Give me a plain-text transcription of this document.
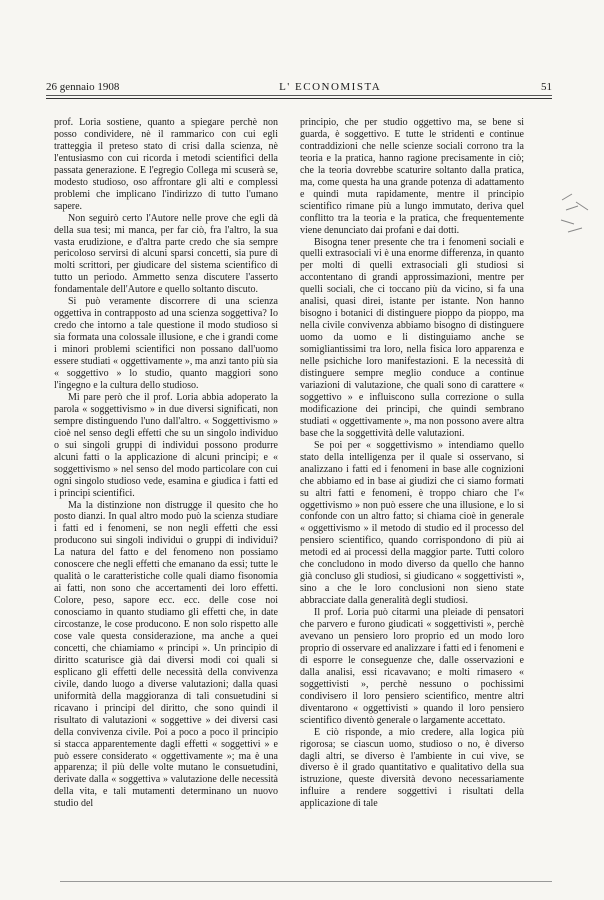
26 gennaio 1908	L' ECONOMISTA	51

prof. Loria sostiene, quanto a spiegare perchè non posso condividere, nè il rammarico con cui egli tratteggia il preteso stato di crisi dalla scienza, nè l'entusiasmo con cui ricorda i metodi scientifici della passata generazione. E l'egregio Collega mi scuserà se, modesto studioso, oso affrontare gli alti e complessi problemi che implicano l'indirizzo di tutto l'umano sapere.

Non seguirò certo l'Autore nelle prove che egli dà della sua tesi; mi manca, per far ciò, fra l'altro, la sua vasta erudizione, e d'altra parte credo che sia sempre pericoloso servirsi di alcuni sparsi concetti, sia pure di molti scrittori, per giudicare del sistema scientifico di tutto un periodo. Ammetto senza discutere l'asserto fondamentale dell'Autore e quello soltanto discuto.

Si può veramente discorrere di una scienza oggettiva in contrapposto ad una scienza soggettiva? Io credo che intorno a tale questione il modo studioso si sia formata una colossale illusione, e che i grandi come i minori problemi scientifici non possano dall'uomo essere studiati « oggettivamente », ma anzi tanto più sia « soggettivo » lo studio, quanto maggiori sono l'ingegno e la cultura dello studioso.

Mi pare però che il prof. Loria abbia adoperato la parola « soggettivismo » in due diversi significati, non sempre distinguendo l'uno dall'altro. « Soggettivismo » cioè nel senso degli effetti che su un singolo individuo o sui singoli gruppi di individui possono produrre alcuni fatti o la applicazione di alcuni principi; e « soggettivismo » nel senso del modo particolare con cui ogni singolo studioso vede, esamina e giudica i fatti ed i principi scientifici.

Ma la distinzione non distrugge il quesito che ho posto dianzi. In qual altro modo può la scienza studiare i fatti ed i fenomeni, se non negli effetti che essi producono sui singoli individui o gruppi di individui? La natura del fatto e del fenomeno non possiamo conoscere che negli effetti che emanano da essi; tutte le qualità o le caratteristiche colle quali diamo fisonomia ai fatti, non sono che accertamenti dei loro effetti. Colore, peso, sapore ecc. ecc. delle cose noi conosciamo in quanto studiamo gli effetti che, in date circostanze, le cose producono. E non solo rispetto alle cose vale questa considerazione, ma anche a quei concetti, che chiamiamo « principi ». Un principio di diritto scaturisce già dai diversi modi coi quali si esplicano gli effetti delle necessità della convivenza civile, dando luogo a diverse valutazioni; dalla quasi uniformità della maggioranza di tali consuetudini si ricavano i principi del diritto, che sono quindi il risultato di valutazioni « soggettive » dei diversi casi della convivenza civile. Poi a poco a poco il principio si stacca apparentemente dagli effetti « soggettivi » e può essere considerato « oggettivamente »; ma è una apparenza; il più delle volte mutano le consuetudini, derivate dalla « soggettiva » valutazione delle necessità della vita, e tali mutamenti determinano un nuovo studio del

principio, che per studio oggettivo ma, se bene si guarda, è soggettivo. E tutte le stridenti e continue contraddizioni che nelle scienze sociali corrono tra la teoria e la pratica, hanno ragione precisamente in ciò; che la teoria dovrebbe scaturire soltanto dalla pratica, ma, come questa ha una grande potenza di adattamento e quindi muta rapidamente, mentre il principio scientifico rimane più a lungo immutato, deriva quel conflitto tra la teoria e la pratica, che frequentemente viene denunciato dai profani e dai dotti.

Bisogna tener presente che tra i fenomeni sociali e quelli extrasociali vi è una enorme differenza, in quanto per molti di quelli extrasociali gli studiosi si accontentano di grandi approssimazioni, mentre per quelli sociali, che ci toccano più da vicino, si fa una analisi, quasi direi, istante per istante. Non hanno bisogno i botanici di distinguere pioppo da pioppo, ma nella civile convivenza abbiamo bisogno di distinguere uomo da uomo e li distinguiamo anche se somigliantissimi tra loro, nella fisica loro apparenza e nelle psichiche loro manifestazioni. E la necessità di distinguere sempre meglio conduce a continue variazioni di valutazione, che quali sono di carattere « soggettivo » e influiscono sulla correzione o sulla modificazione dei principi, che quindi sembrano studiati « oggettivamente », ma non possono avere altra base che la soggettività delle valutazioni.

Se poi per « soggettivismo » intendiamo quello stato della intelligenza per il quale si osservano, si analizzano i fatti ed i fenomeni in base alle cognizioni che abbiamo ed in base ai giudizi che ci siamo formati su altri fatti e fenomeni, è troppo chiaro che l'« oggettivismo » non può essere che una illusione, e lo si confonde con un altro fatto; si chiama cioè in generale « oggettivismo » il metodo di studio ed il processo del pensiero scientifico, quando corrispondono di più ai metodi ed ai processi della maggior parte. Tutti coloro che concludono in modo diverso da quello che hanno già concluso gli studiosi, si giudicano « soggettivisti », sino a che le loro conclusioni non sieno state abbracciate dalla generalità degli studiosi.

Il prof. Loria può citarmi una pleiade di pensatori che parvero e furono giudicati « soggettivisti », perchè avevano un pensiero loro proprio ed un modo loro proprio di osservare ed analizzare i fatti ed i fenomeni e di esporre le conseguenze che, dalle osservazioni e dalla analisi, essi ricavavano; e molti rimasero « soggettivisti », perchè nessuno o pochissimi condivisero il loro pensiero scientifico, mentre altri diventarono « oggettivisti » quando il loro pensiero scientifico diventò generale o largamente accettato.

E ciò risponde, a mio credere, alla logica più rigorosa; se ciascun uomo, studioso o no, è diverso dagli altri, se diverso è l'ambiente in cui vive, se diverso è il grado quantitativo e qualitativo della sua istruzione, queste diversità devono necessariamente influire a rendere soggettivi i risultati della applicazione di tale
